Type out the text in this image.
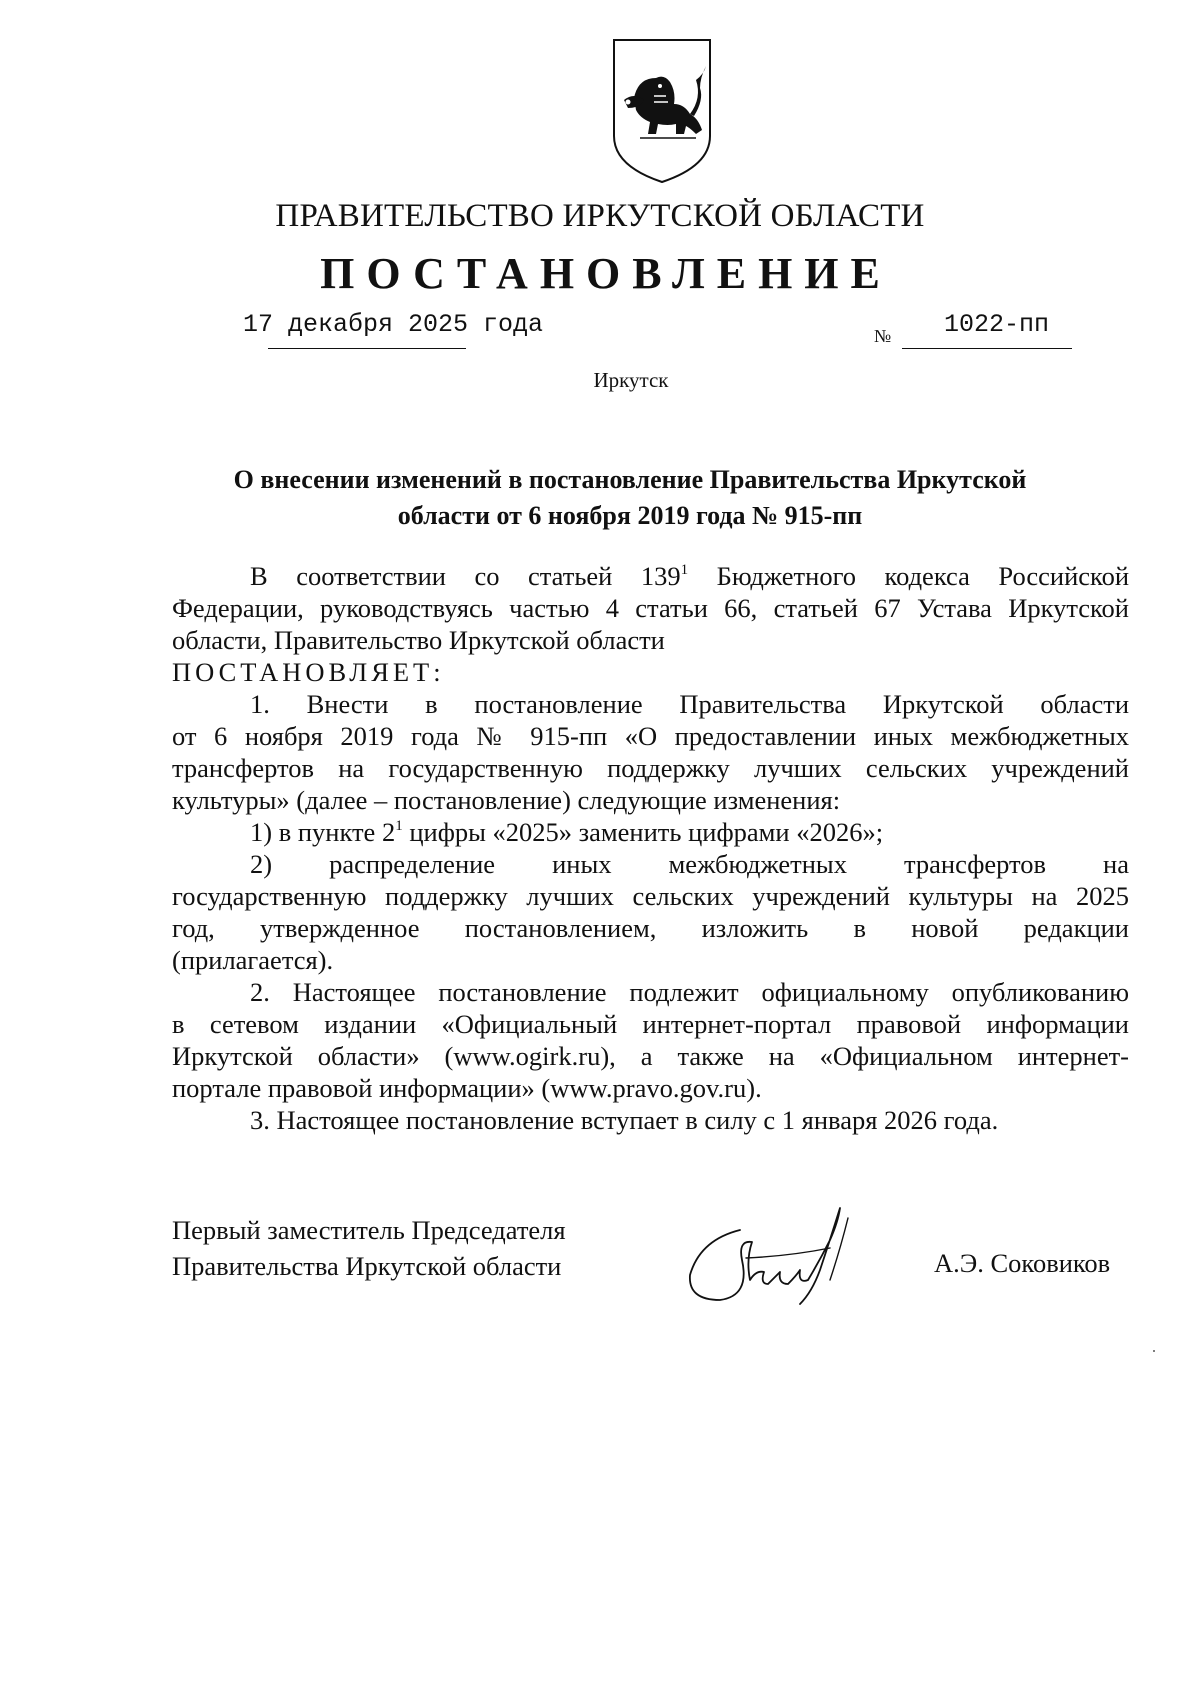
ПРАВИТЕЛЬСТВО ИРКУТСКОЙ ОБЛАСТИ
ПОСТАНОВЛЕНИЕ
17 декабря 2025 года	№ 1022-пп
Иркутск
О внесении изменений в постановление Правительства Иркутской
области от 6 ноября 2019 года № 915-пп
В соответствии со статьей $139^1$ Бюджетного кодекса Российской
Федерации, руководствуясь частью 4 статьи 66, статьей 67 Устава Иркутской
области, Правительство Иркутской области
ПОСТАНОВЛЯЕТ:
1. Внести в постановление Правительства Иркутской области
от 6 ноября 2019 года № 915-пп «О предоставлении иных межбюджетных
трансфертов на государственную поддержку лучших сельских учреждений
культуры» (далее – постановление) следующие изменения:
1) в пункте $2^1$ цифры «2025» заменить цифрами «2026»;
2) распределение иных межбюджетных трансфертов на
государственную поддержку лучших сельских учреждений культуры на 2025
год, утвержденное постановлением, изложить в новой редакции
(прилагается).
2. Настоящее постановление подлежит официальному опубликованию
в сетевом издании «Официальный интернет-портал правовой информации
Иркутской области» (www.ogirk.ru), а также на «Официальном интернет-
портале правовой информации» (www.pravo.gov.ru).
3. Настоящее постановление вступает в силу с 1 января 2026 года.
Первый заместитель Председателя
Правительства Иркутской области	А.Э. Соковиков
